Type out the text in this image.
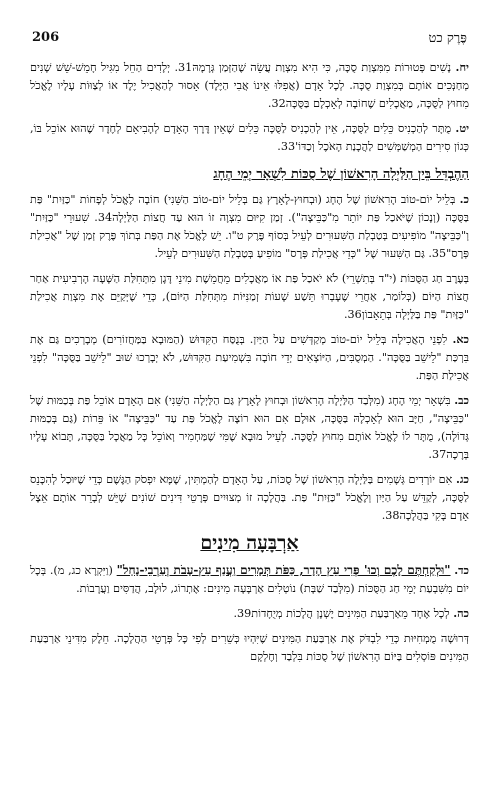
206	פֶּרֶק כט

יח. נָשִׁים פְּטוּרוֹת מִמִּצְוַת סֻכָּה, כִּי הִיא מִצְוַת עֲשֵׂה שֶׁהַזְּמַן גְּרָמָהּ31. יְלָדִים הַחֵל מִגִּיל חָמֵשׁ-שֵׁשׁ שָׁנִים מְחַנְּכִים אוֹתָם בְּמִצְוַת סֻכָּה. לְכָל אָדָם (אֲפִלּוּ אֵינוֹ אֲבִי הַיֶּלֶד) אָסוּר לְהַאֲכִיל יֶלֶד אוֹ לְצַוּוֹת עָלָיו לֶאֱכֹל מִחוּץ לַסֻּכָּה, מַאֲכָלִים שֶׁחוֹבָה לְאָכְלָם בַּסֻּכָּה32.

יט. מֻתָּר לְהַכְנִיס כֵּלִים לַסֻּכָּה, אֵין לְהַכְנִיס לַסֻּכָּה כֵּלִים שֶׁאֵין דֶּרֶךְ הָאָדָם לְהָבִיאָם לְחֶדֶר שֶׁהוּא אוֹכֵל בּוֹ, כְּגוֹן סִירִים הַמְשַׁמְּשִׁים לַהֲכָנַת הָאֹכֶל וְכַדּוֹ'33.

הַהֶבְדֵּל בֵּין הַלַּיְלָה הָרִאשׁוֹן שֶׁל סֻכּוֹת לִשְׁאָר יְמֵי הֶחָג

כ. בְּלֵיל יוֹם-טוֹב הָרִאשׁוֹן שֶׁל הֶחָג (וּבְחוּץ-לָאָרֶץ גַּם בְּלֵיל יוֹם-טוֹב הַשֵּׁנִי) חוֹבָה לֶאֱכֹל לְפָחוֹת "כַּזַּיִת" פַּת בַּסֻּכָּה (וְנָכוֹן שֶׁיֹּאכַל פַּת יוֹתֵר מִ"כַּבֵּיצָה"). זְמַן קִיּוּם מִצְוָה זוֹ הוּא עַד חֲצוֹת הַלַּיְלָה34. שִׁעוּרֵי "כַּזַּיִת" וְ"כַּבֵּיצָה" מוֹפִיעִים בְּטַבְלַת הַשִּׁעוּרִים לְעֵיל בְּסוֹף פֶּרֶק ט"ו. יֵשׁ לֶאֱכֹל אֶת הַפַּת בְּתוֹךְ פֶּרֶק זְמַן שֶׁל "אֲכִילַת פְּרָס"35. גַּם הַשִּׁעוּר שֶׁל "כְּדֵי אֲכִילַת פְּרָס" מוֹפִיעַ בְּטַבְלַת הַשִּׁעוּרִים לְעֵיל.

בְּעֶרֶב חַג הַסֻּכּוֹת (י"ד בְּתִשְׁרֵי) לֹא יֹאכַל פַּת אוֹ מַאֲכָלִים מֵחֲמֵשֶׁת מִינֵי דָּגָן מִתְּחִלַּת הַשָּׁעָה הָרְבִיעִית אַחַר חֲצוֹת הַיּוֹם (כְּלוֹמַר, אַחֲרֵי שֶׁעָבְרוּ תֵּשַׁע שָׁעוֹת זְמַנִּיּוֹת מִתְּחִלַּת הַיּוֹם), כְּדֵי שֶׁיְּקַיֵּם אֶת מִצְוַת אֲכִילַת "כַּזַּיִת" פַּת בַּלַּיְלָה בְּתֵאָבוֹן36.

כא. לִפְנֵי הָאֲכִילָה בְּלֵיל יוֹם-טוֹב מְקַדְּשִׁים עַל הַיַּיִן. בְּנֻסַּח הַקִּדּוּשׁ (הַמּוּבָא בַּמַּחֲזוֹרִים) מְבָרְכִים גַּם אֶת בִּרְכַּת "לֵישֵׁב בַּסֻּכָּה". הַמְסֻבִּים, הַיּוֹצְאִים יְדֵי חוֹבָה בִּשְׁמִיעַת הַקִּדּוּשׁ, לֹא יְבָרְכוּ שׁוּב "לֵישֵׁב בַּסֻּכָּה" לִפְנֵי אֲכִילַת הַפַּת.

כב. בִּשְׁאָר יְמֵי הֶחָג (מִלְּבַד הַלַּיְלָה הָרִאשׁוֹן וּבְחוּץ לָאָרֶץ גַּם הַלַּיְלָה הַשֵּׁנִי) אִם הָאָדָם אוֹכֵל פַּת בְּכַמּוּת שֶׁל "כַּבֵּיצָה", חַיָּב הוּא לְאָכְלָהּ בַּסֻּכָּה, אוּלָם אִם הוּא רוֹצֶה לֶאֱכֹל פַּת עַד "כַּבֵּיצָה" אוֹ פֵּרוֹת (גַּם בְּכַמּוּת גְּדוֹלָה), מֻתָּר לוֹ לֶאֱכֹל אוֹתָם מִחוּץ לַסֻּכָּה. לְעֵיל מוּבָא שֶׁמִּי שֶׁמַּחְמִיר וְאוֹכֵל כָּל מַאֲכָל בַּסֻּכָּה, תָּבוֹא עָלָיו בְּרָכָה37.

כג. אִם יוֹרְדִים גְּשָׁמִים בַּלַּיְלָה הָרִאשׁוֹן שֶׁל סֻכּוֹת, עַל הָאָדָם לְהַמְתִּין, שֶׁמָּא יִפְסֹק הַגֶּשֶׁם כְּדֵי שֶׁיּוּכַל לְהִכָּנֵס לַסֻּכָּה, לְקַדֵּשׁ עַל הַיַּיִן וְלֶאֱכֹל "כַּזַּיִת" פַּת. בַּהֲלָכָה זוֹ מְצוּיִים פְּרָטֵי דִּינִים שׁוֹנִים שֶׁיֵּשׁ לְבָרֵר אוֹתָם אֵצֶל אָדָם בָּקִי בַּהֲלָכָה38.

אַרְבָּעָה מִינִים

כד. "וּלְקַחְתֶּם לָכֶם וְכוּ' פְּרִי עֵץ הָדָר, כַּפֹּת תְּמָרִים וַעֲנַף עֵץ-עָבֹת וְעַרְבֵי-נָחַל" (וַיִּקְרָא כג, מ). בְּכָל יוֹם מִשִּׁבְעַת יְמֵי חַג הַסֻּכּוֹת (מִלְּבַד שַׁבָּת) נוֹטְלִים אַרְבָּעָה מִינִים: אֶתְרוֹג, לוּלָב, הֲדַסִּים וַעֲרָבוֹת.

כה. לְכָל אֶחָד מֵאַרְבַּעַת הַמִּינִים יֶשְׁנָן הֲלָכוֹת מְיֻחָדוֹת39.

דְּרוּשָׁה מֻמְחִיּוּת כְּדֵי לִבְדֹּק אֶת אַרְבַּעַת הַמִּינִים שֶׁיִּהְיוּ כְּשֵׁרִים לְפִי כָּל פְּרָטֵי הַהֲלָכָה. חֵלֶק מִדִּינֵי אַרְבַּעַת הַמִּינִים פּוֹסְלִים בַּיּוֹם הָרִאשׁוֹן שֶׁל סֻכּוֹת בִּלְבַד וְחֶלְקָם
